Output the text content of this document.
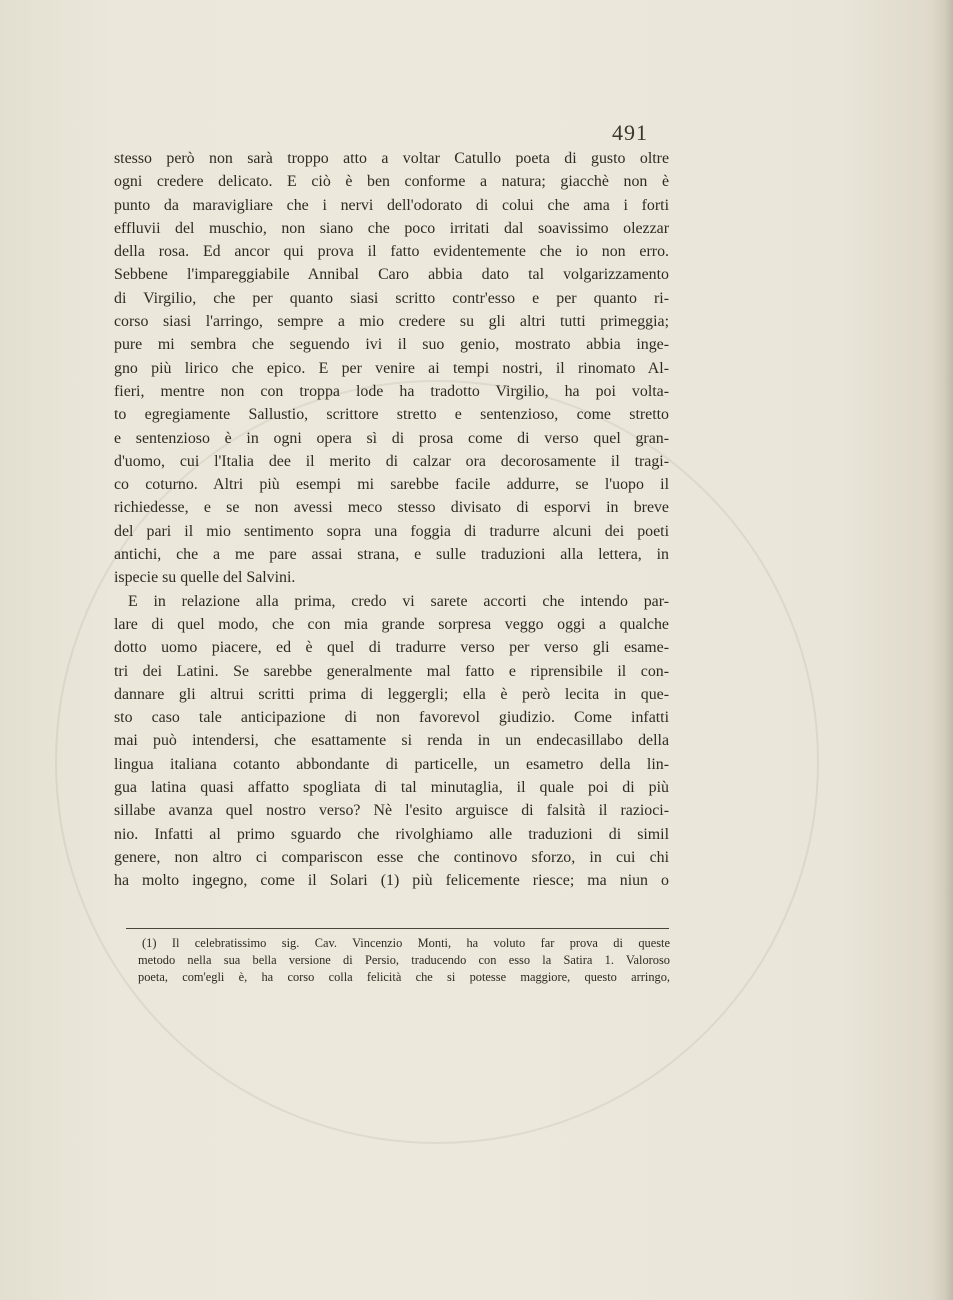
491
stesso però non sarà troppo atto a voltar Catullo poeta di gusto oltre
ogni credere delicato. E ciò è ben conforme a natura; giacchè non è
punto da maravigliare che i nervi dell'odorato di colui che ama i forti
effluvii del muschio, non siano che poco irritati dal soavissimo olezzar
della rosa. Ed ancor qui prova il fatto evidentemente che io non erro.
Sebbene l'impareggiabile Annibal Caro abbia dato tal volgarizzamento
di Virgilio, che per quanto siasi scritto contr'esso e per quanto ri-
corso siasi l'arringo, sempre a mio credere su gli altri tutti primeggia;
pure mi sembra che seguendo ivi il suo genio, mostrato abbia inge-
gno più lirico che epico. E per venire ai tempi nostri, il rinomato Al-
fieri, mentre non con troppa lode ha tradotto Virgilio, ha poi volta-
to egregiamente Sallustio, scrittore stretto e sentenzioso, come stretto
e sentenzioso è in ogni opera sì di prosa come di verso quel gran-
d'uomo, cui l'Italia dee il merito di calzar ora decorosamente il tragi-
co coturno. Altri più esempi mi sarebbe facile addurre, se l'uopo il
richiedesse, e se non avessi meco stesso divisato di esporvi in breve
del pari il mio sentimento sopra una foggia di tradurre alcuni dei poeti
antichi, che a me pare assai strana, e sulle traduzioni alla lettera, in
ispecie su quelle del Salvini.
E in relazione alla prima, credo vi sarete accorti che intendo par-
lare di quel modo, che con mia grande sorpresa veggo oggi a qualche
dotto uomo piacere, ed è quel di tradurre verso per verso gli esame-
tri dei Latini. Se sarebbe generalmente mal fatto e riprensibile il con-
dannare gli altrui scritti prima di leggergli; ella è però lecita in que-
sto caso tale anticipazione di non favorevol giudizio. Come infatti
mai può intendersi, che esattamente si renda in un endecasillabo della
lingua italiana cotanto abbondante di particelle, un esametro della lin-
gua latina quasi affatto spogliata di tal minutaglia, il quale poi di più
sillabe avanza quel nostro verso? Nè l'esito arguisce di falsità il razioci-
nio. Infatti al primo sguardo che rivolghiamo alle traduzioni di simil
genere, non altro ci compariscon esse che continovo sforzo, in cui chi
ha molto ingegno, come il Solari (1) più felicemente riesce; ma niun o
(1) Il celebratissimo sig. Cav. Vincenzio Monti, ha voluto far prova di queste
metodo nella sua bella versione di Persio, traducendo con esso la Satira 1. Valoroso
poeta, com'egli è, ha corso colla felicità che si potesse maggiore, questo arringo,
